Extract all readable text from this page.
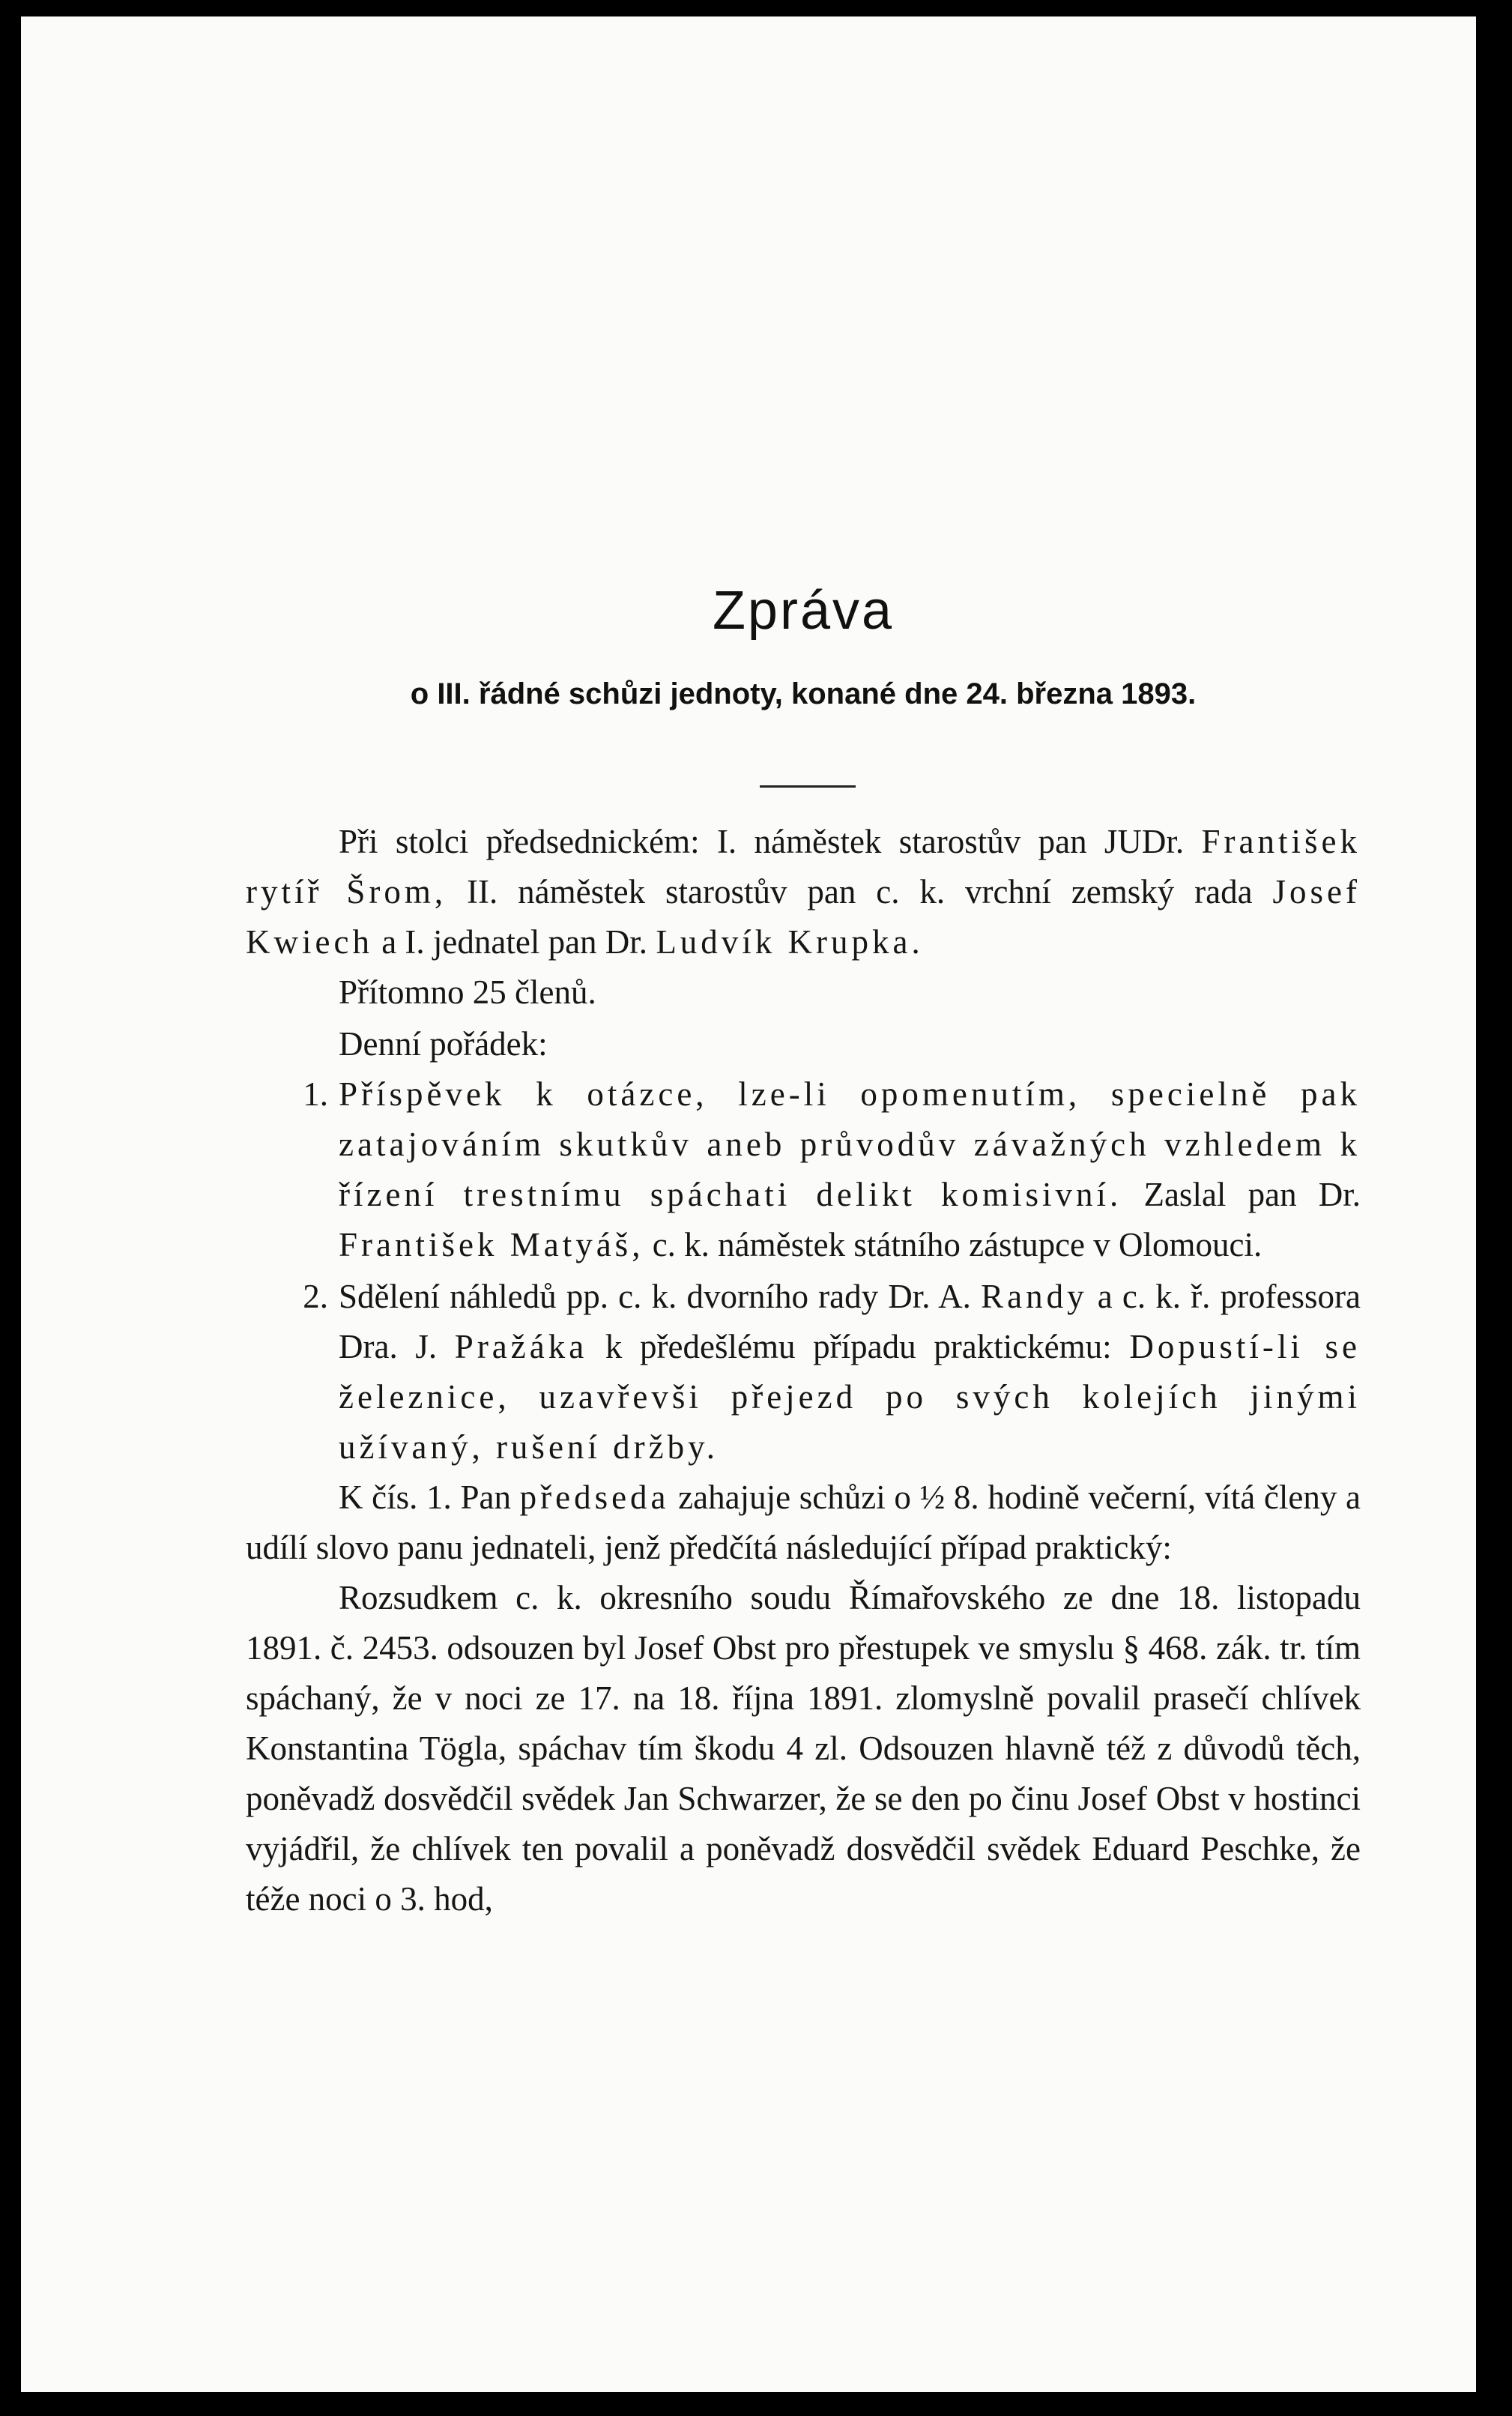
Zpráva
o III. řádné schůzi jednoty, konané dne 24. března 1893.

Při stolci předsednickém: I. náměstek starostův pan JUDr. František rytíř Šrom, II. náměstek starostův pan c. k. vrchní zemský rada Josef Kwiech a I. jednatel pan Dr. Ludvík Krupka.

Přítomno 25 členů.

Denní pořádek:

1. Příspěvek k otázce, lze-li opomenutím, specielně pak zatajováním skutkův aneb průvodův závažných vzhledem k řízení trestnímu spáchati delikt komisivní. Zaslal pan Dr. František Matyáš, c. k. náměstek státního zástupce v Olomouci.
2. Sdělení náhledů pp. c. k. dvorního rady Dr. A. Randy a c. k. ř. professora Dra. J. Pražáka k předešlému případu praktickému: Dopustí-li se železnice, uzavřevši přejezd po svých kolejích jinými užívaný, rušení držby.

K čís. 1. Pan předseda zahajuje schůzi o ½ 8. hodině večerní, vítá členy a udílí slovo panu jednateli, jenž předčítá následující případ praktický:

Rozsudkem c. k. okresního soudu Římařovského ze dne 18. listopadu 1891. č. 2453. odsouzen byl Josef Obst pro přestupek ve smyslu § 468. zák. tr. tím spáchaný, že v noci ze 17. na 18. října 1891. zlomyslně povalil prasečí chlívek Konstantina Tögla, spáchav tím škodu 4 zl. Odsouzen hlavně též z důvodů těch, poněvadž dosvědčil svědek Jan Schwarzer, že se den po činu Josef Obst v hostinci vyjádřil, že chlívek ten povalil a poněvadž dosvědčil svědek Eduard Peschke, že téže noci o 3. hod,
